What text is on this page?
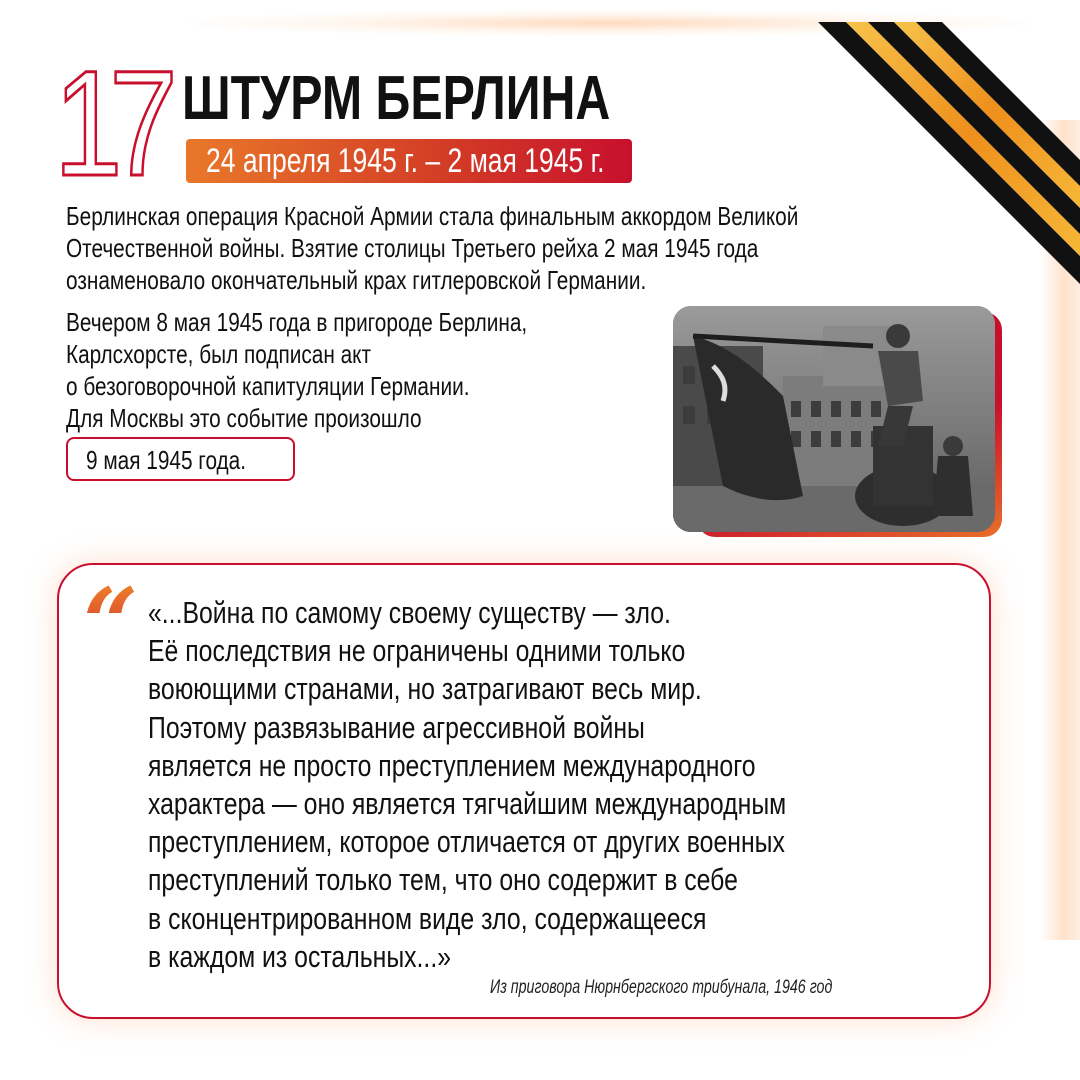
17 ШТУРМ БЕРЛИНА
24 апреля 1945 г. – 2 мая 1945 г.

Берлинская операция Красной Армии стала финальным аккордом Великой

Отечественной войны. Взятие столицы Третьего рейха 2 мая 1945 года

ознаменовало окончательный крах гитлеровской Германии.

Вечером 8 мая 1945 года в пригороде Берлина,

Карлсхорсте, был подписан акт

о безоговорочной капитуляции Германии.

Для Москвы это событие произошло

9 мая 1945 года.
“ «...Война по самому своему существу — зло.

Её последствия не ограничены одними только

воюющими странами, но затрагивают весь мир.

Поэтому развязывание агрессивной войны

является не просто преступлением международного

характера — оно является тягчайшим международным

преступлением, которое отличается от других военных

преступлений только тем, что оно содержит в себе

в сконцентрированном виде зло, содержащееся

в каждом из остальных...»

Из приговора Нюрнбергского трибунала, 1946 год
